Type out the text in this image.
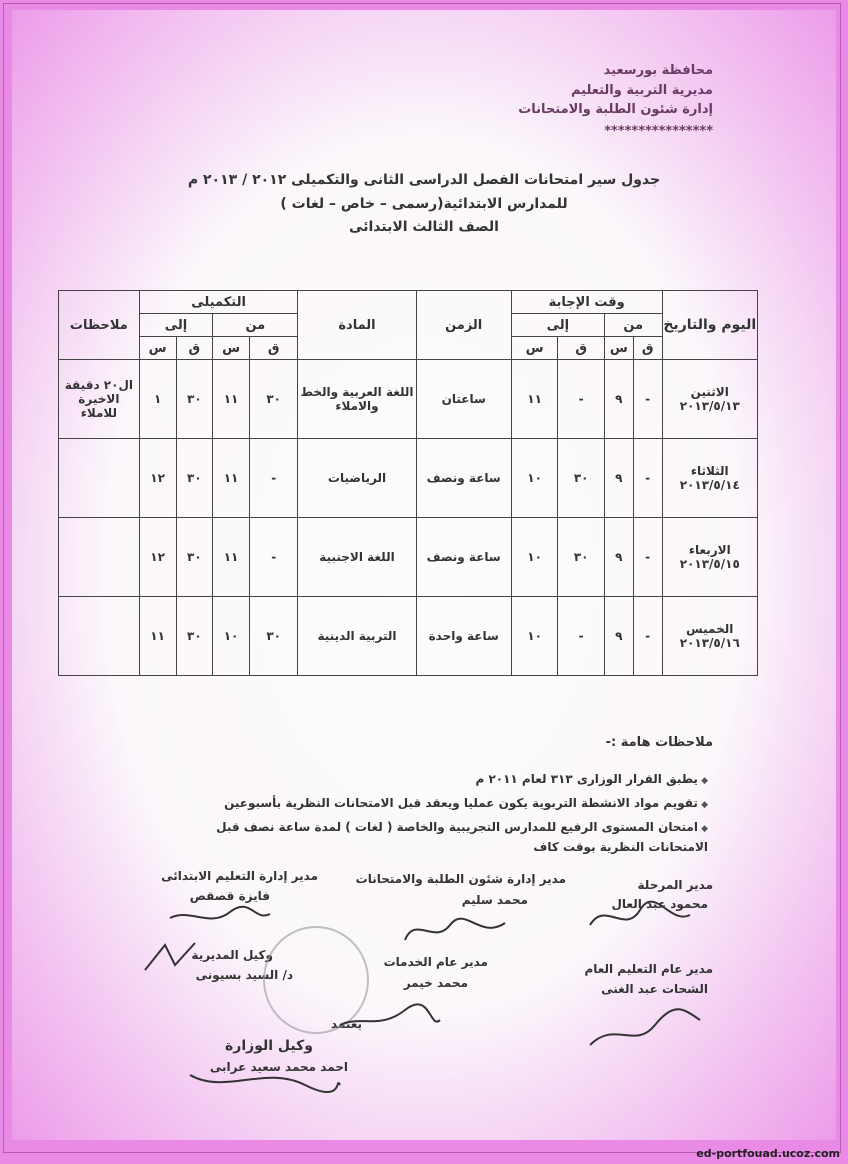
محافظة بورسعيد
مديرية التربية والتعليم
إدارة شئون الطلبة والامتحانات
****************
جدول سير امتحانات الفصل الدراسى الثانى والتكميلى ٢٠١٢ / ٢٠١٣ م
للمدارس الابتدائية(رسمى – خاص – لغات )
الصف الثالث الابتدائى
اليوم والتاريخ	وقت الإجابة				الزمن	المادة	التكميلى				ملاحظات
	من		إلى				من		إلى		
	ق	س	ق	س			ق	س	ق	س	
الاثنين ٢٠١٣/٥/١٣	-	٩	-	١١	ساعتان	اللغة العربية والخط والاملاء	٣٠	١١	٣٠	١	ال٢٠ دقيقة الاخيرة للاملاء
الثلاثاء ٢٠١٣/٥/١٤	-	٩	٣٠	١٠	ساعة ونصف	الرياضيات	-	١١	٣٠	١٢	
الاربعاء ٢٠١٣/٥/١٥	-	٩	٣٠	١٠	ساعة ونصف	اللغة الاجنبية	-	١١	٣٠	١٢	
الخميس ٢٠١٣/٥/١٦	-	٩	-	١٠	ساعة واحدة	التربية الدينية	٣٠	١٠	٣٠	١١	
ملاحظات هامة :-
◆ يطبق القرار الوزارى ٣١٣ لعام ٢٠١١ م
◆ تقويم مواد الانشطة التربوية يكون عمليا ويعقد قبل الامتحانات النظرية بأسبوعين
◆ امتحان المستوى الرفيع للمدارس التجريبية والخاصة ( لغات ) لمدة ساعة نصف قبل الامتحانات النظرية بوقت كاف
مدير المرحلة
محمود عبد العال
مدير إدارة شئون الطلبة والامتحانات
محمد سليم
مدير إدارة التعليم الابتدائى
فايزة قصقص
مدير عام التعليم العام
الشحات عبد الغنى
مدير عام الخدمات
محمد خيمر
وكيل المديرية
د/ السيد بسيونى
يعتمد
وكيل الوزارة
احمد محمد سعيد عرابى
ed-portfouad.ucoz.com
